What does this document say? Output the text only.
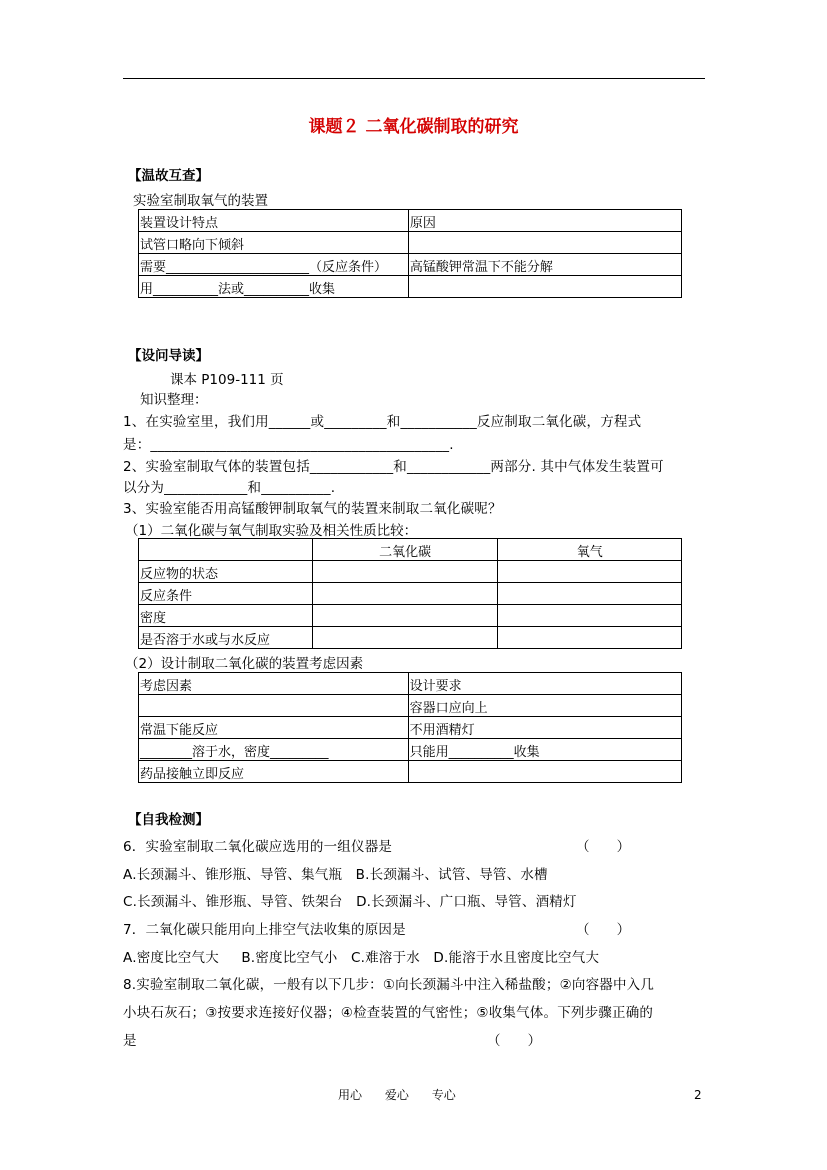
课题２ 二氧化碳制取的研究
【温故互查】
实验室制取氧气的装置
装置设计特点	原因
试管口略向下倾斜	
需要______________________（反应条件）	高锰酸钾常温下不能分解
用__________法或__________收集	
【设问导读】
课本 P109-111 页
知识整理：
1、在实验室里，我们用______或_________和___________反应制取二氧化碳，方程式
是：___________________________________________.
2、实验室制取气体的装置包括____________和____________两部分. 其中气体发生装置可
以分为____________和__________.
3、实验室能否用高锰酸钾制取氧气的装置来制取二氧化碳呢？
（1）二氧化碳与氧气制取实验及相关性质比较：
	二氧化碳	氧气
反应物的状态		
反应条件		
密度		
是否溶于水或与水反应		
（2）设计制取二氧化碳的装置考虑因素
考虑因素	设计要求
	容器口应向上
常温下能反应	不用酒精灯
________溶于水，密度_________	只能用__________收集
药品接触立即反应	
【自我检测】
6．实验室制取二氧化碳应选用的一组仪器是	（      ）
A.长颈漏斗、锥形瓶、导管、集气瓶   B.长颈漏斗、试管、导管、水槽
C.长颈漏斗、锥形瓶、导管、铁架台   D.长颈漏斗、广口瓶、导管、酒精灯
7．二氧化碳只能用向上排空气法收集的原因是	（      ）
A.密度比空气大     B.密度比空气小   C.难溶于水   D.能溶于水且密度比空气大
8.实验室制取二氧化碳，一般有以下几步：①向长颈漏斗中注入稀盐酸；②向容器中入几
小块石灰石；③按要求连接好仪器；④检查装置的气密性；⑤收集气体。下列步骤正确的
是	（      ）
用心      爱心      专心	2
